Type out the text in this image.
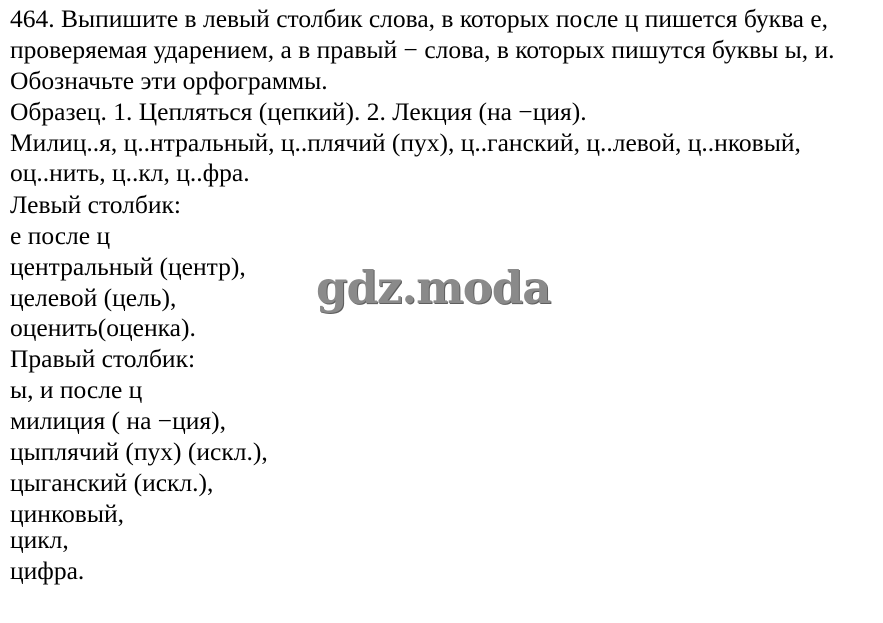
464. Выпишите в левый столбик слова, в которых после ц пишется буква е,
проверяемая ударением, а в правый − слова, в которых пишутся буквы ы, и.
Обозначьте эти орфограммы.
Образец. 1. Цепляться (цепкий). 2. Лекция (на −ция).
Милиц..я, ц..нтральный, ц..плячий (пух), ц..ганский, ц..левой, ц..нковый,
оц..нить, ц..кл, ц..фра.
Левый столбик:
е после ц
центральный (центр),
целевой (цель),
оценить(оценка).
Правый столбик:
ы, и после ц
милиция ( на −ция),
цыплячий (пух) (искл.),
цыганский (искл.),
цинковый,
цикл,
цифра.
gdz.moda
